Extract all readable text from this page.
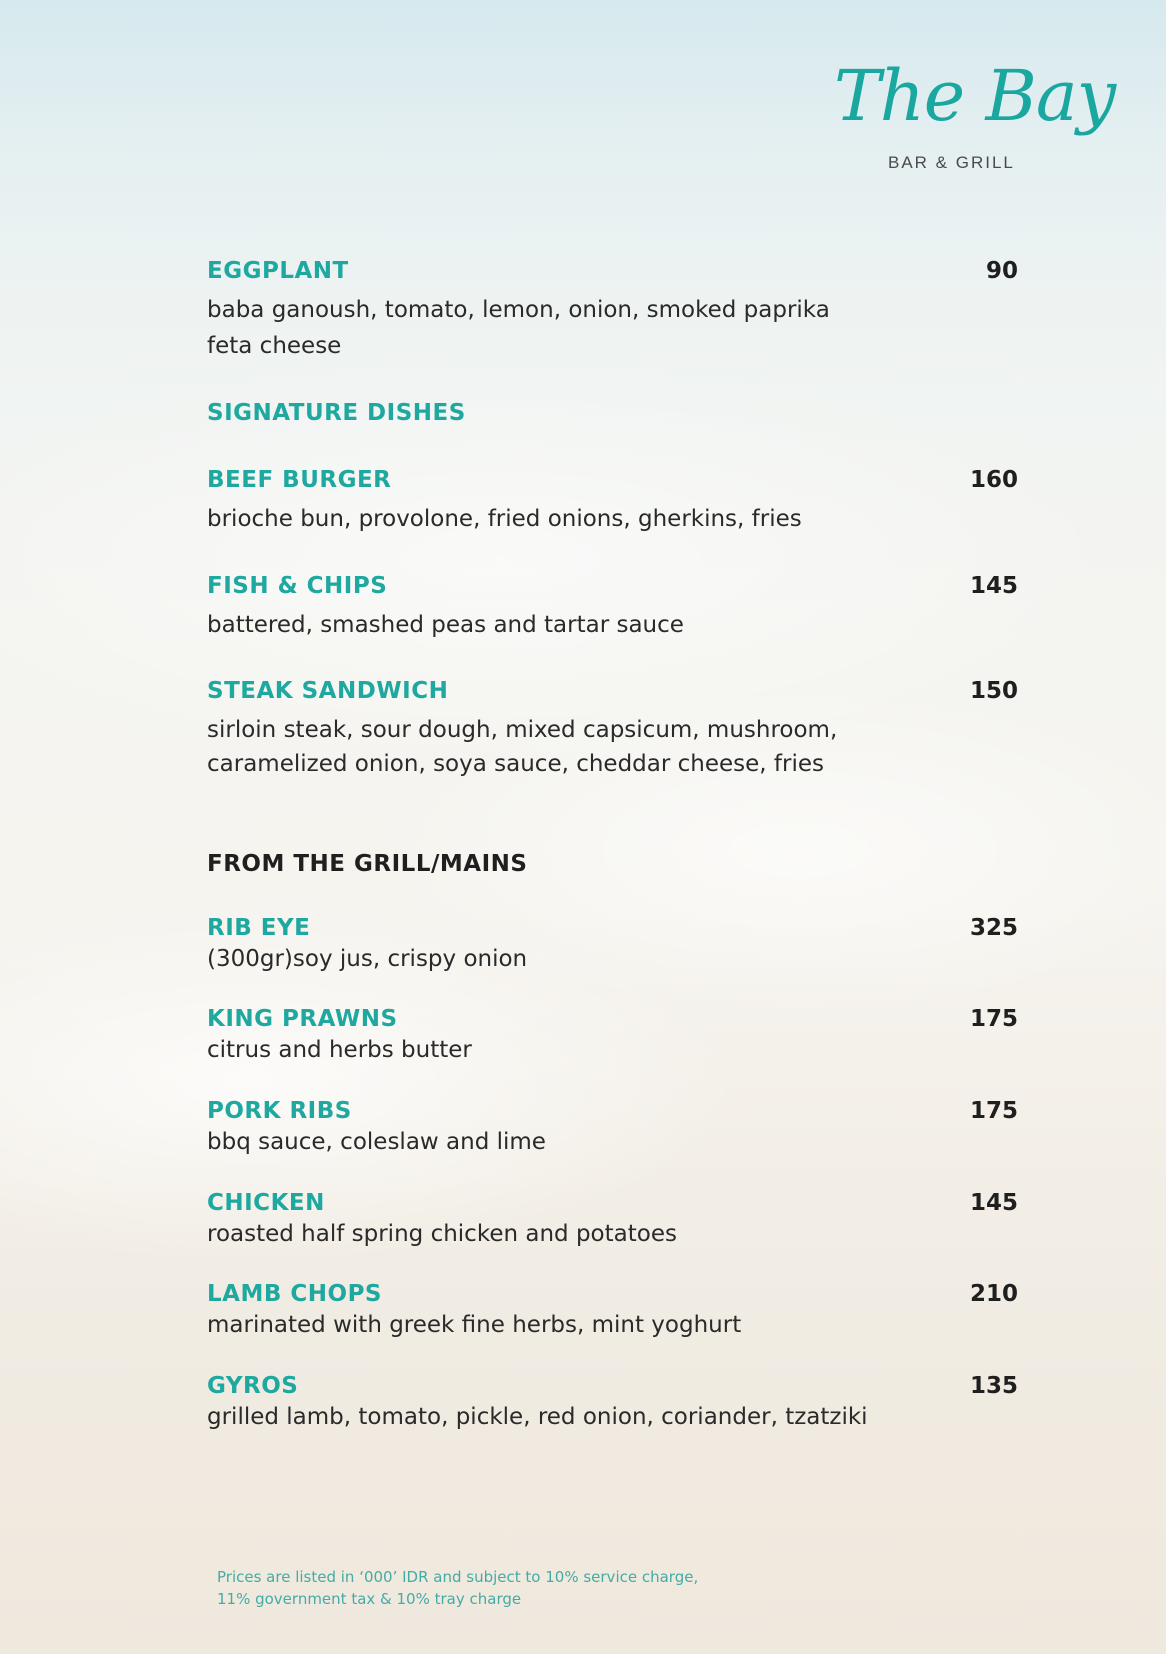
The Bay
BAR & GRILL
EGGPLANT	90
baba ganoush, tomato, lemon, onion, smoked paprika
feta cheese
SIGNATURE DISHES
BEEF BURGER	160
brioche bun, provolone, fried onions, gherkins, fries
FISH & CHIPS	145
battered, smashed peas and tartar sauce
STEAK SANDWICH	150
sirloin steak, sour dough, mixed capsicum, mushroom,
caramelized onion, soya sauce, cheddar cheese, fries
FROM THE GRILL/MAINS
RIB EYE	325
(300gr)soy jus, crispy onion
KING PRAWNS	175
citrus and herbs butter
PORK RIBS	175
bbq sauce, coleslaw and lime
CHICKEN	145
roasted half spring chicken and potatoes
LAMB CHOPS	210
marinated with greek fine herbs, mint yoghurt
GYROS	135
grilled lamb, tomato, pickle, red onion, coriander, tzatziki
Prices are listed in ‘000’ IDR and subject to 10% service charge,
11% government tax & 10% tray charge
